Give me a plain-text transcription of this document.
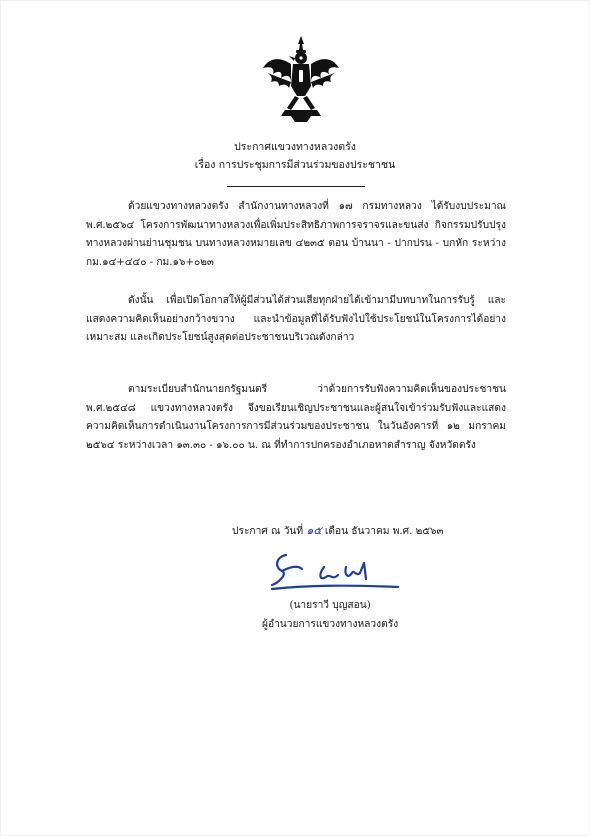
ประกาศแขวงทางหลวงตรัง
เรื่อง การประชุมการมีส่วนร่วมของประชาชน

ด้วยแขวงทางหลวงตรัง สำนักงานทางหลวงที่ ๑๗ กรมทางหลวง ได้รับงบประมาณ พ.ศ.๒๕๖๔ โครงการพัฒนาทางหลวงเพื่อเพิ่มประสิทธิภาพการจราจรและขนส่ง กิจกรรมปรับปรุงทางหลวงผ่านย่านชุมชน บนทางหลวงหมายเลข ๔๒๓๕ ตอน บ้านนา - ปากปรน - บกหัก ระหว่าง กม.๑๔+๔๔๐ - กม.๑๖+๐๒๓

ดังนั้น เพื่อเปิดโอกาสให้ผู้มีส่วนได้ส่วนเสียทุกฝ่ายได้เข้ามามีบทบาทในการรับรู้ และแสดงความคิดเห็นอย่างกว้างขวาง และนำข้อมูลที่ได้รับฟังไปใช้ประโยชน์ในโครงการได้อย่างเหมาะสม และเกิดประโยชน์สูงสุดต่อประชาชนบริเวณดังกล่าว

ตามระเบียบสำนักนายกรัฐมนตรี ว่าด้วยการรับฟังความคิดเห็นของประชาชน พ.ศ.๒๕๔๘ แขวงทางหลวงตรัง จึงขอเรียนเชิญประชาชนและผู้สนใจเข้าร่วมรับฟังและแสดงความคิดเห็นการดำเนินงานโครงการการมีส่วนร่วมของประชาชน ในวันอังคารที่ ๑๒ มกราคม ๒๕๖๔ ระหว่างเวลา ๑๓.๓๐ - ๑๖.๐๐ น. ณ ที่ทำการปกครองอำเภอหาดสำราญ จังหวัดตรัง

ประกาศ ณ วันที่ ๑๕ เดือน ธันวาคม พ.ศ. ๒๕๖๓
(นายราวี บุญสอน)
ผู้อำนวยการแขวงทางหลวงตรัง
